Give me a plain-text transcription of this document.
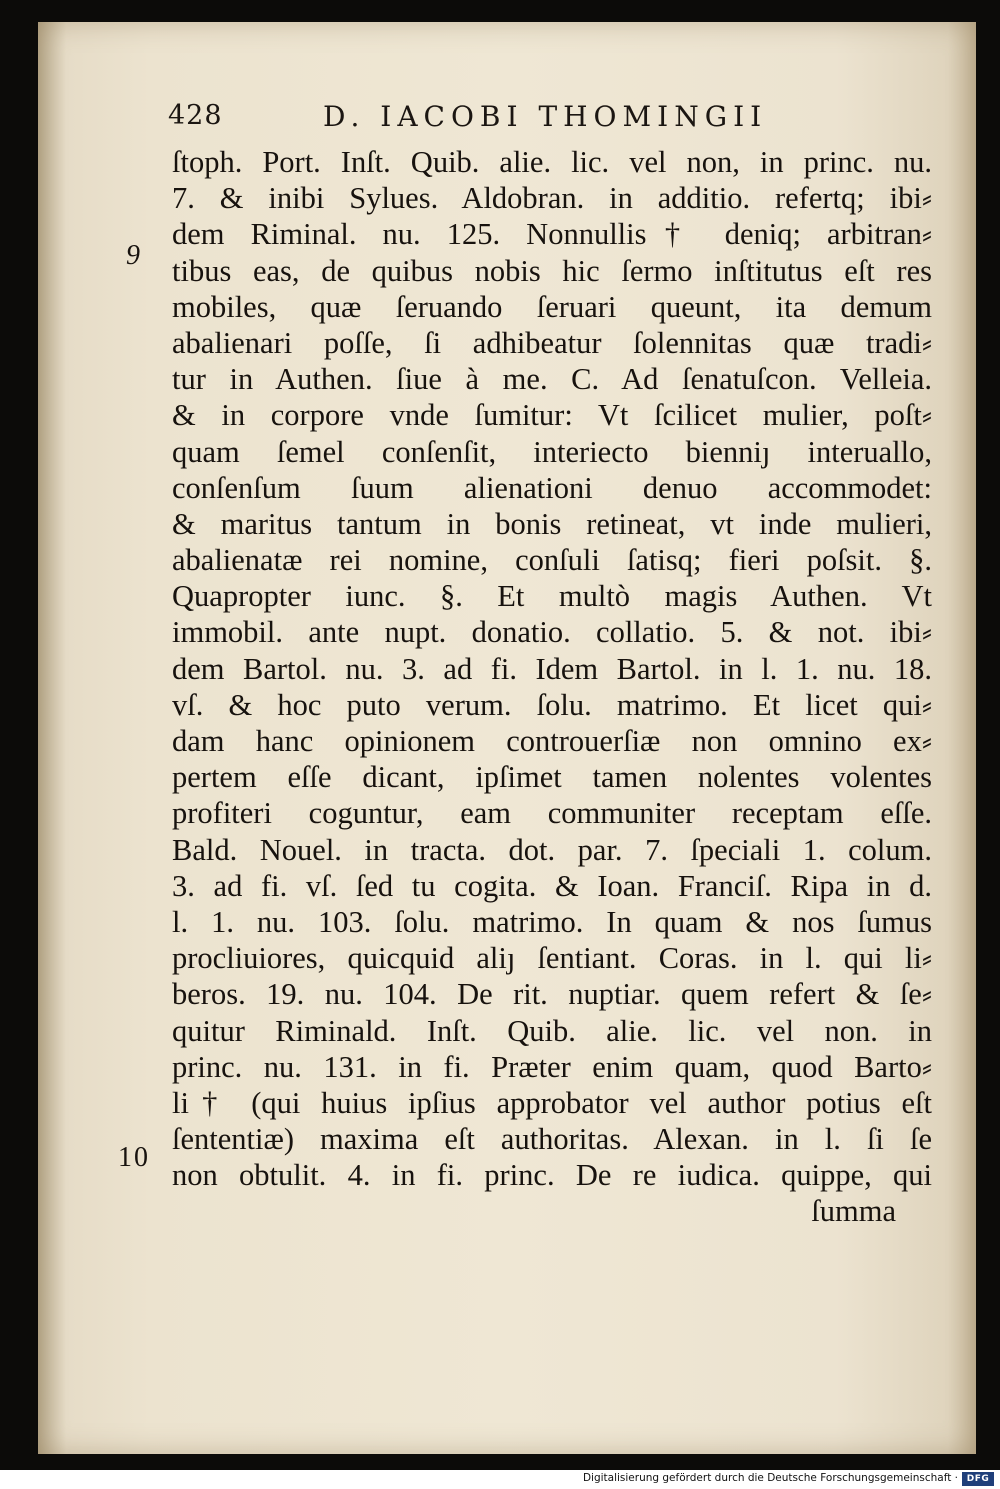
428	D. IACOBI THOMINGII
9
10
ſtoph. Port. Inſt. Quib. alie. lic. vel non, in princ. nu.
7. & inibi Sylues. Aldobran. in additio. refertq; ibi⸗
dem Riminal. nu. 125. Nonnullis† deniq; arbitran⸗
tibus eas, de quibus nobis hic ſermo inſtitutus eſt res
mobiles, quæ ſeruando ſeruari queunt, ita demum
abalienari poſſe, ſi adhibeatur ſolennitas quæ tradi⸗
tur in Authen. ſiue à me. C. Ad ſenatuſcon. Velleia.
& in corpore vnde ſumitur: Vt ſcilicet mulier, poſt⸗
quam ſemel conſenſit, interiecto bienniȷ interuallo,
conſenſum ſuum alienationi denuo accommodet:
& maritus tantum in bonis retineat, vt inde mulieri,
abalienatæ rei nomine, conſuli ſatisq; fieri poſsit. §.
Quapropter iunc. §. Et multò magis Authen. Vt
immobil. ante nupt. donatio. collatio. 5. & not. ibi⸗
dem Bartol. nu. 3. ad fi. Idem Bartol. in l. 1. nu. 18.
vſ. & hoc puto verum. ſolu. matrimo. Et licet qui⸗
dam hanc opinionem controuerſiæ non omnino ex⸗
pertem eſſe dicant, ipſimet tamen nolentes volentes
profiteri coguntur, eam communiter receptam eſſe.
Bald. Nouel. in tracta. dot. par. 7. ſpeciali 1. colum.
3. ad fi. vſ. ſed tu cogita. & Ioan. Franciſ. Ripa in d.
l. 1. nu. 103. ſolu. matrimo. In quam & nos ſumus
procliuiores, quicquid aliȷ ſentiant. Coras. in l. qui li⸗
beros. 19. nu. 104. De rit. nuptiar. quem refert & ſe⸗
quitur Riminald. Inſt. Quib. alie. lic. vel non. in
princ. nu. 131. in fi. Præter enim quam, quod Barto⸗
li† (qui huius ipſius approbator vel author potius eſt
ſententiæ) maxima eſt authoritas. Alexan. in l. ſi ſe
non obtulit. 4. in fi. princ. De re iudica. quippe, qui
ſumma
Digitalisierung gefördert durch die Deutsche Forschungsgemeinschaft · DFG
